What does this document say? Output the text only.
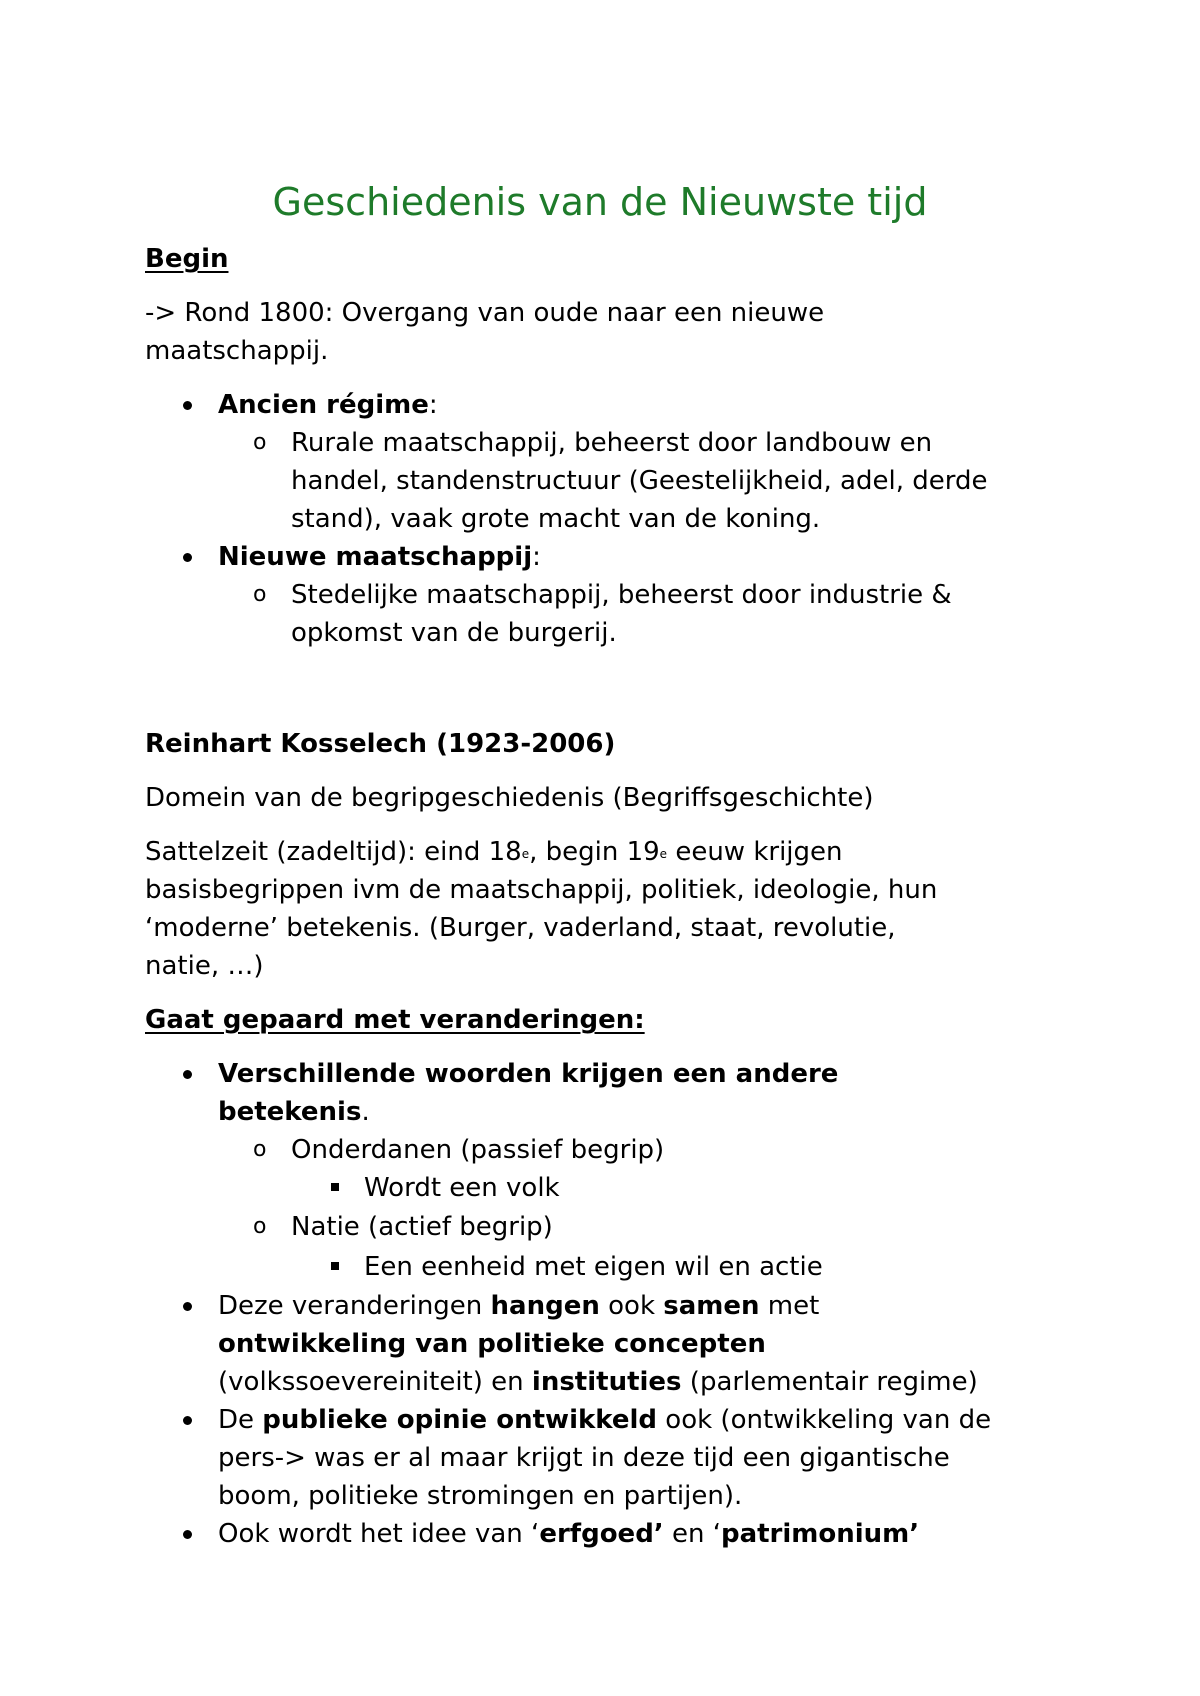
Geschiedenis van de Nieuwste tijd
Begin
-> Rond 1800: Overgang van oude naar een nieuwe
maatschappij.
Ancien régime:
o Rurale maatschappij, beheerst door landbouw en
handel, standenstructuur (Geestelijkheid, adel, derde
stand), vaak grote macht van de koning.
Nieuwe maatschappij:
o Stedelijke maatschappij, beheerst door industrie &
opkomst van de burgerij.
Reinhart Kosselech (1923-2006)
Domein van de begripgeschiedenis (Begriffsgeschichte)
Sattelzeit (zadeltijd): eind 18e, begin 19e eeuw krijgen
basisbegrippen ivm de maatschappij, politiek, ideologie, hun
‘moderne’ betekenis. (Burger, vaderland, staat, revolutie,
natie, …)
Gaat gepaard met veranderingen:
Verschillende woorden krijgen een andere
betekenis.
o Onderdanen (passief begrip)
Wordt een volk
o Natie (actief begrip)
Een eenheid met eigen wil en actie
Deze veranderingen hangen ook samen met
ontwikkeling van politieke concepten
(volkssoevereiniteit) en instituties (parlementair regime)
De publieke opinie ontwikkeld ook (ontwikkeling van de
pers-> was er al maar krijgt in deze tijd een gigantische
boom, politieke stromingen en partijen).
Ook wordt het idee van ‘erfgoed’ en ‘patrimonium’
